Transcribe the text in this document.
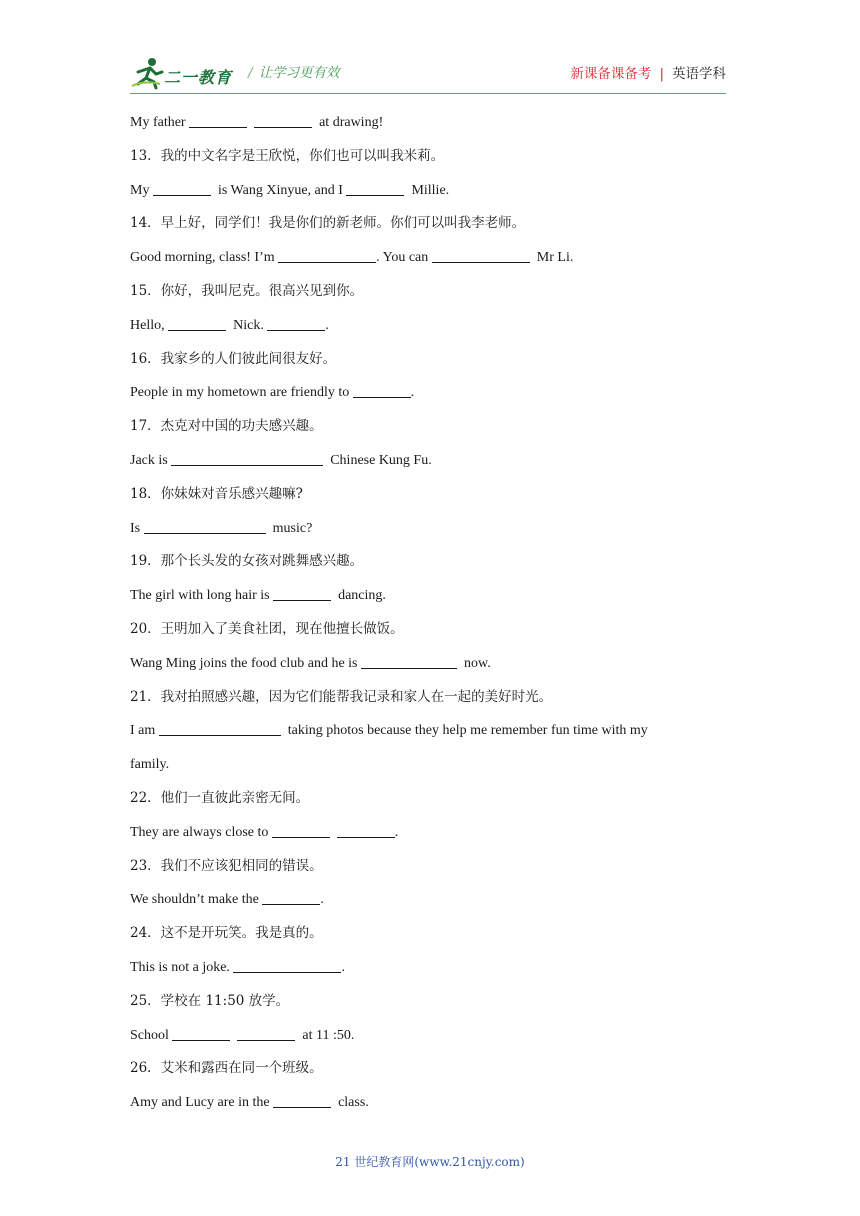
二一教育 / 让学习更有效	新课备课备考 | 英语学科
My father	at drawing!
13．我的中文名字是王欣悦，你们也可以叫我米莉。
My	is Wang Xinyue, and I	Millie.
14．早上好，同学们！我是你们的新老师。你们可以叫我李老师。
Good morning, class! I’m	. You can	Mr Li.
15．你好，我叫尼克。很高兴见到你。
Hello,	Nick.	.
16．我家乡的人们彼此间很友好。
People in my hometown are friendly to	.
17．杰克对中国的功夫感兴趣。
Jack is	Chinese Kung Fu.
18．你妹妹对音乐感兴趣嘛?
Is	music?
19．那个长头发的女孩对跳舞感兴趣。
The girl with long hair is	dancing.
20．王明加入了美食社团，现在他擅长做饭。
Wang Ming joins the food club and he is	now.
21．我对拍照感兴趣，因为它们能帮我记录和家人在一起的美好时光。
I am	taking photos because they help me remember fun time with my
family.
22．他们一直彼此亲密无间。
They are always close to	.
23．我们不应该犯相同的错误。
We shouldn’t make the	.
24．这不是开玩笑。我是真的。
This is not a joke.	.
25．学校在 11:50 放学。
School	at 11 :50.
26．艾米和露西在同一个班级。
Amy and Lucy are in the	class.
21 世纪教育网(www.21cnjy.com)
